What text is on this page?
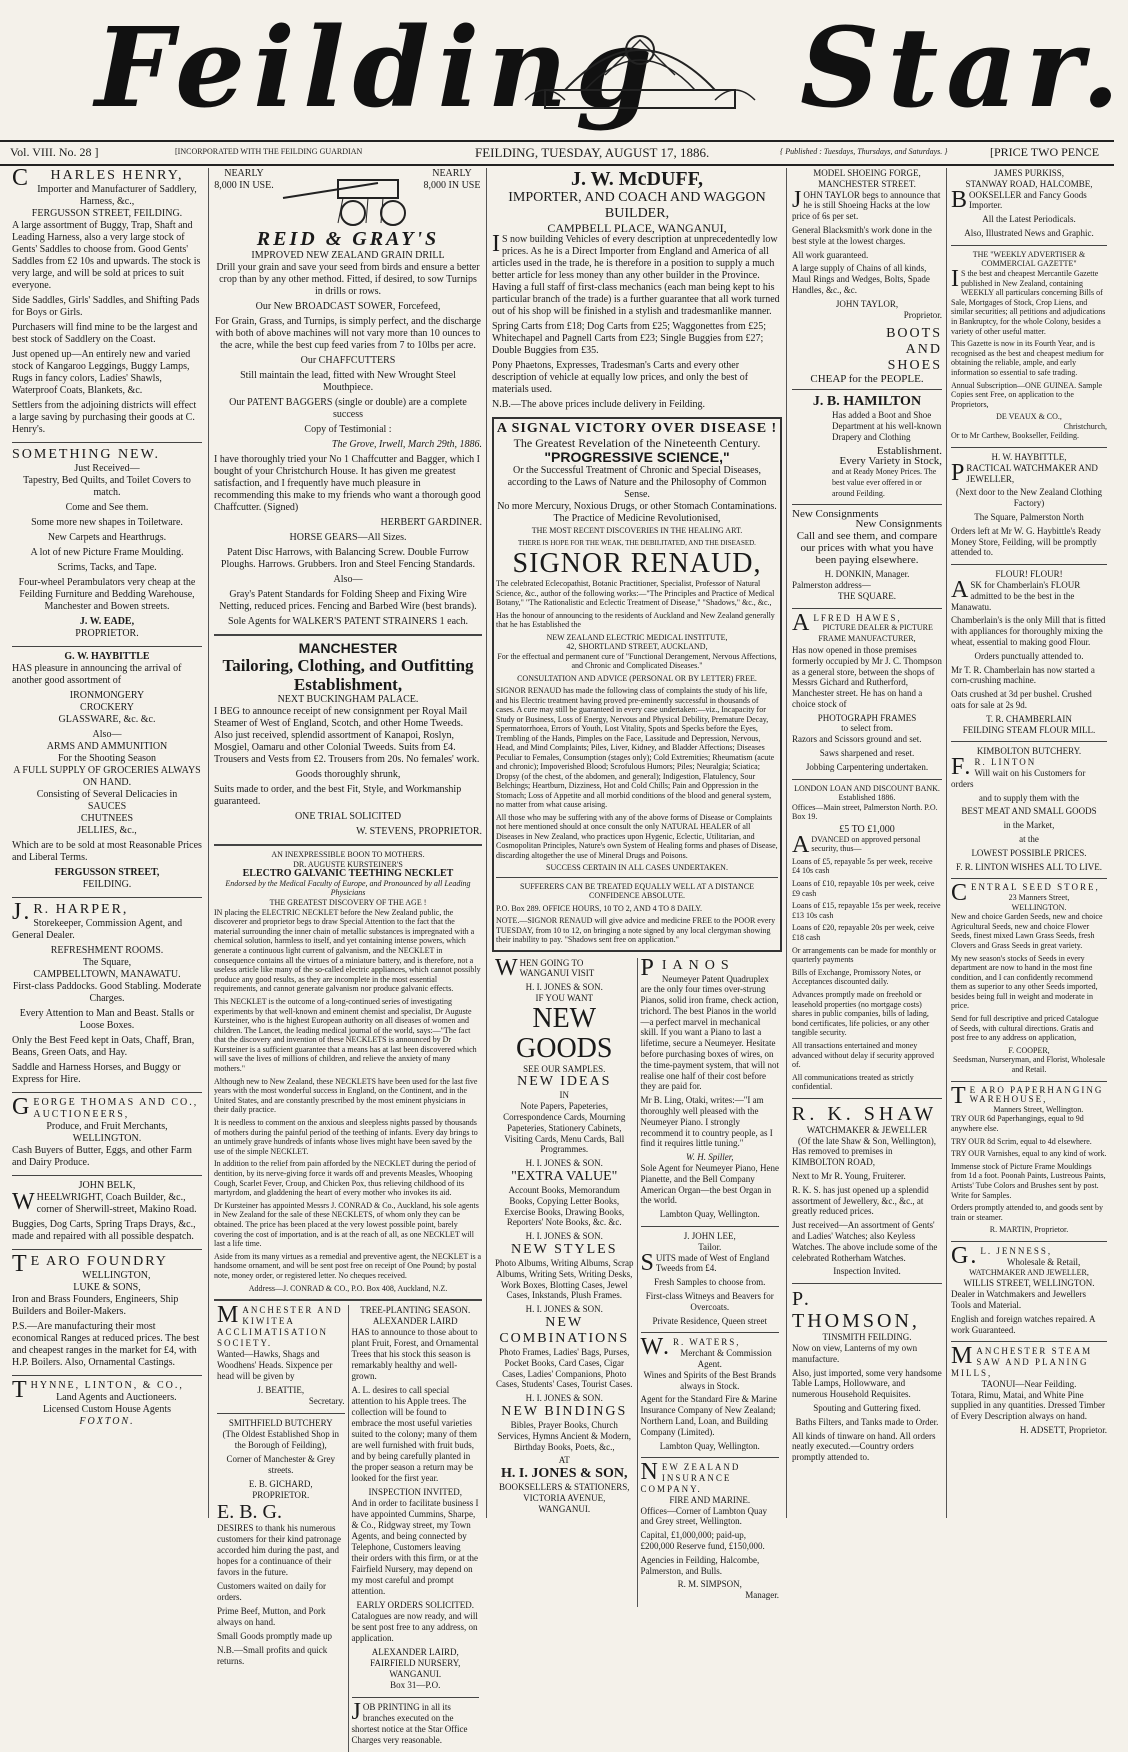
Feilding Star.
Vol. VIII. No. 28 ]	[INCORPORATED WITH THE FEILDING GUARDIAN	FEILDING, TUESDAY, AUGUST 17, 1886.	{ Published : Tuesdays, Thursdays, and Saturdays. }	[PRICE TWO PENCE
CHARLES HENRY,
Importer and Manufacturer of Saddlery, Harness, &c.,
FERGUSSON STREET, FEILDING.

A large assortment of Buggy, Trap, Shaft and Leading Harness, also a very large stock of Gents' Saddles to choose from. Good Gents' Saddles from £2 10s and upwards. The stock is very large, and will be sold at prices to suit everyone.

Side Saddles, Girls' Saddles, and Shifting Pads for Boys or Girls.

Purchasers will find mine to be the largest and best stock of Saddlery on the Coast.

Just opened up—An entirely new and varied stock of Kangaroo Leggings, Buggy Lamps, Rugs in fancy colors, Ladies' Shawls, Waterproof Coats, Blankets, &c.

Settlers from the adjoining districts will effect a large saving by purchasing their goods at C. Henry's.

SOMETHING NEW.
Just Received—

Tapestry, Bed Quilts, and Toilet Covers to match.

Come and See them.

Some more new shapes in Toiletware.

New Carpets and Hearthrugs.

A lot of new Picture Frame Moulding.

Scrims, Tacks, and Tape.

Four-wheel Perambulators very cheap at the Feilding Furniture and Bedding Warehouse, Manchester and Bowen streets.

J. W. EADE,
PROPRIETOR.
G. W. HAYBITTLE

HAS pleasure in announcing the arrival of another good assortment of

IRONMONGERY
CROCKERY
GLASSWARE, &c. &c.

Also—
ARMS AND AMMUNITION
For the Shooting Season
A FULL SUPPLY OF GROCERIES ALWAYS ON HAND.
Consisting of Several Delicacies in

SAUCES
CHUTNEES
JELLIES, &c.,

Which are to be sold at most Reasonable Prices and Liberal Terms.

FERGUSSON STREET,
FEILDING.
J.R. HARPER,

Storekeeper, Commission Agent, and General Dealer.

REFRESHMENT ROOMS.
The Square,
CAMPBELLTOWN, MANAWATU.

First-class Paddocks. Good Stabling. Moderate Charges.

Every Attention to Man and Beast. Stalls or Loose Boxes.

Only the Best Feed kept in Oats, Chaff, Bran, Beans, Green Oats, and Hay.

Saddle and Harness Horses, and Buggy or Express for Hire.

GEORGE THOMAS AND CO., AUCTIONEERS,
Produce, and Fruit Merchants,
WELLINGTON.

Cash Buyers of Butter, Eggs, and other Farm and Dairy Produce.

JOHN BELK,

WHEELWRIGHT, Coach Builder, &c., corner of Sherwill-street, Makino Road.

Buggies, Dog Carts, Spring Traps Drays, &c., made and repaired with all possible despatch.

TE ARO FOUNDRY
WELLINGTON,
LUKE & SONS,

Iron and Brass Founders, Engineers, Ship Builders and Boiler-Makers.

P.S.—Are manufacturing their most economical Ranges at reduced prices. The best and cheapest ranges in the market for £4, with H.P. Boilers. Also, Ornamental Castings.

THYNNE, LINTON, & CO.,
Land Agents and Auctioneers.
Licensed Custom House Agents
FOXTON.
NEARLY 8,000 IN USE.
NEARLY 8,000 IN USE
REID & GRAY'S
IMPROVED NEW ZEALAND GRAIN DRILL

Drill your grain and save your seed from birds and ensure a better crop than by any other method. Fitted, if desired, to sow Turnips in drills or rows.

Our New BROADCAST SOWER, Forcefeed,

For Grain, Grass, and Turnips, is simply perfect, and the discharge with both of above machines will not vary more than 10 ounces to the acre, while the best cup feed varies from 7 to 10lbs per acre.

Our CHAFFCUTTERS

Still maintain the lead, fitted with New Wrought Steel Mouthpiece.

Our PATENT BAGGERS (single or double) are a complete success

Copy of Testimonial :

The Grove, Irwell, March 29th, 1886.

I have thoroughly tried your No 1 Chaffcutter and Bagger, which I bought of your Christchurch House. It has given me greatest satisfaction, and I frequently have much pleasure in recommending this make to my friends who want a thorough good Chaffcutter. (Signed)

HERBERT GARDINER.

HORSE GEARS—All Sizes.

Patent Disc Harrows, with Balancing Screw. Double Furrow Ploughs. Harrows. Grubbers. Iron and Steel Fencing Standards.

Also—

Gray's Patent Standards for Folding Sheep and Fixing Wire Netting, reduced prices. Fencing and Barbed Wire (best brands).

Sole Agents for WALKER'S PATENT STRAINERS 1 each.

MANCHESTER
Tailoring, Clothing, and Outfitting Establishment,
NEXT BUCKINGHAM PALACE.

I BEG to announce receipt of new consignment per Royal Mail Steamer of West of England, Scotch, and other Home Tweeds. Also just received, splendid assortment of Kanapoi, Roslyn, Mosgiel, Oamaru and other Colonial Tweeds. Suits from £4. Trousers and Vests from £2. Trousers from 20s. No females' work.

Goods thoroughly shrunk,

Suits made to order, and the best Fit, Style, and Workmanship guaranteed.

ONE TRIAL SOLICITED

W. STEVENS, PROPRIETOR.

AN INEXPRESSIBLE BOON TO MOTHERS.
DR. AUGUSTE KURSTEINER'S
ELECTRO GALVANIC TEETHING NECKLET
Endorsed by the Medical Faculty of Europe, and Pronounced by all Leading Physicians
THE GREATEST DISCOVERY OF THE AGE !

IN placing the ELECTRIC NECKLET before the New Zealand public, the discoverer and proprietor begs to draw Special Attention to the fact that the material surrounding the inner chain of metallic substances is impregnated with a chemical solution, harmless to itself, and yet containing intense powers, which generate a continuous light current of galvanism, and the NECKLET in consequence contains all the virtues of a miniature battery, and is therefore, not a useless article like many of the so-called electric appliances, which cannot possibly produce any good results, as they are incomplete in the most essential requirements, and cannot generate galvanism nor produce galvanic effects.

This NECKLET is the outcome of a long-continued series of investigating experiments by that well-known and eminent chemist and specialist, Dr Auguste Kursteiner, who is the highest European authority on all diseases of women and children. The Lancet, the leading medical journal of the world, says:—"The fact that the discovery and invention of these NECKLETS is announced by Dr Kursteiner is a sufficient guarantee that a means has at last been discovered which will save the lives of millions of children, and relieve the anxiety of many mothers."

Although new to New Zealand, these NECKLETS have been used for the last five years with the most wonderful success in England, on the Continent, and in the United States, and are constantly prescribed by the most eminent physicians in their daily practice.

It is needless to comment on the anxious and sleepless nights passed by thousands of mothers during the painful period of the teething of infants. Every day brings to an untimely grave hundreds of infants whose lives might have been saved by the use of the simple NECKLET.

In addition to the relief from pain afforded by the NECKLET during the period of dentition, by its nerve-giving force it wards off and prevents Measles, Whooping Cough, Scarlet Fever, Croup, and Chicken Pox, thus relieving childhood of its martyrdom, and gladdening the heart of every mother who invokes its aid.

Dr Kursteiner has appointed Messrs J. CONRAD & Co., Auckland, his sole agents in New Zealand for the sale of these NECKLETS, of whom only they can be obtained. The price has been placed at the very lowest possible point, barely covering the cost of importation, and is at the reach of all, as one NECKLET will last a life time.

Aside from its many virtues as a remedial and preventive agent, the NECKLET is a handsome ornament, and will be sent post free on receipt of One Pound; by postal note, money order, or registered letter. No cheques received.

Address—J. CONRAD & CO., P.O. Box 408, Auckland, N.Z.

MANCHESTER AND KIWITEA ACCLIMATISATION SOCIETY.

Wanted—Hawks, Shags and Woodhens' Heads. Sixpence per head will be given by

J. BEATTIE,
Secretary.
SMITHFIELD BUTCHERY

(The Oldest Established Shop in the Borough of Feilding),

Corner of Manchester & Grey streets.

E. B. GICHARD,
PROPRIETOR.
E. B. G.

DESIRES to thank his numerous customers for their kind patronage accorded him during the past, and hopes for a continuance of their favors in the future.

Customers waited on daily for orders.

Prime Beef, Mutton, and Pork always on hand.

Small Goods promptly made up

N.B.—Small profits and quick returns.

TREE-PLANTING SEASON.
ALEXANDER LAIRD

HAS to announce to those about to plant Fruit, Forest, and Ornamental Trees that his stock this season is remarkably healthy and well-grown.

A. L. desires to call special attention to his Apple trees. The collection will be found to embrace the most useful varieties suited to the colony; many of them are well furnished with fruit buds, and by being carefully planted in the proper season a return may be looked for the first year.

INSPECTION INVITED,

And in order to facilitate business I have appointed Cummins, Sharpe, & Co., Ridgway street, my Town Agents, and being connected by Telephone, Customers leaving their orders with this firm, or at the Fairfield Nursery, may depend on my most careful and prompt attention.

EARLY ORDERS SOLICITED.

Catalogues are now ready, and will be sent post free to any address, on application.

ALEXANDER LAIRD,
FAIRFIELD NURSERY,
WANGANUI.
Box 31—P.O.

JOB PRINTING in all its branches executed on the shortest notice at the Star Office Charges very reasonable.

J. W. McDUFF,
IMPORTER, AND COACH AND WAGGON BUILDER,
CAMPBELL PLACE, WANGANUI,

IS now building Vehicles of every description at unprecedentedly low prices. As he is a Direct Importer from England and America of all articles used in the trade, he is therefore in a position to supply a much better article for less money than any other builder in the Province. Having a full staff of first-class mechanics (each man being kept to his particular branch of the trade) is a further guarantee that all work turned out of his shop will be finished in a stylish and tradesmanlike manner.

Spring Carts from £18; Dog Carts from £25; Waggonettes from £25; Whitechapel and Pagnell Carts from £23; Single Buggies from £27; Double Buggies from £35.

Pony Phaetons, Expresses, Tradesman's Carts and every other description of vehicle at equally low prices, and only the best of materials used.

N.B.—The above prices include delivery in Feilding.

A SIGNAL VICTORY OVER DISEASE !
The Greatest Revelation of the Nineteenth Century.
"PROGRESSIVE SCIENCE,"
Or the Successful Treatment of Chronic and Special Diseases, according to the Laws of Nature and the Philosophy of Common Sense.
No more Mercury, Noxious Drugs, or other Stomach Contaminations. The Practice of Medicine Revolutionised,
THE MOST RECENT DISCOVERIES IN THE HEALING ART.
THERE IS HOPE FOR THE WEAK, THE DEBILITATED, AND THE DISEASED.
SIGNOR RENAUD,

The celebrated Eclecopathist, Botanic Practitioner, Specialist, Professor of Natural Science, &c., author of the following works:—"The Principles and Practice of Medical Botany," "The Rationalistic and Eclectic Treatment of Disease," "Shadows," &c., &c.,

Has the honour of announcing to the residents of Auckland and New Zealand generally that he has Established the

NEW ZEALAND ELECTRIC MEDICAL INSTITUTE,
42, SHORTLAND STREET, AUCKLAND,

For the effectual and permanent cure of "Functional Derangement, Nervous Affections, and Chronic and Complicated Diseases."

CONSULTATION AND ADVICE (PERSONAL OR BY LETTER) FREE.

SIGNOR RENAUD has made the following class of complaints the study of his life, and his Electric treatment having proved pre-eminently successful in thousands of cases. A cure may still be guaranteed in every case undertaken:—viz., Incapacity for Study or Business, Loss of Energy, Nervous and Physical Debility, Premature Decay, Spermatorrhoea, Errors of Youth, Lost Vitality, Spots and Specks before the Eyes, Trembling of the Hands, Pimples on the Face, Lassitude and Depression, Nervous, Head, and Mind Complaints; Piles, Liver, Kidney, and Bladder Affections; Diseases Peculiar to Females, Consumption (stages only); Cold Extremities; Rheumatism (acute and chronic); Impoverished Blood; Scrofulous Humors; Piles; Neuralgia; Sciatica; Dropsy (of the chest, of the abdomen, and general); Indigestion, Flatulency, Sour Belchings; Heartburn, Dizziness, Hot and Cold Chills; Pain and Oppression in the Stomach; Loss of Appetite and all morbid conditions of the blood and general system, no matter from what cause arising.

All those who may be suffering with any of the above forms of Disease or Complaints not here mentioned should at once consult the only NATURAL HEALER of all Diseases in New Zealand, who practices upon Hygenic, Eclectic, Utilitarian, and Cosmopolitan Principles, Nature's own System of Healing forms and phases of Disease, discarding altogether the use of Mineral Drugs and Poisons.

SUCCESS CERTAIN IN ALL CASES UNDERTAKEN.

SUFFERERS CAN BE TREATED EQUALLY WELL AT A DISTANCE CONFIDENCE ABSOLUTE.

P.O. Box 289. OFFICE HOURS, 10 TO 2, AND 4 TO 8 DAILY.

NOTE.—SIGNOR RENAUD will give advice and medicine FREE to the POOR every TUESDAY, from 10 to 12, on bringing a note signed by any local clergyman showing their inability to pay. "Shadows sent free on application."

WHEN GOING TO WANGANUI VISIT

H. I. JONES & SON.
IF YOU WANT
NEW GOODS
SEE OUR SAMPLES.
NEW IDEAS
IN

Note Papers, Papeteries, Correspondence Cards, Mourning Papeteries, Stationery Cabinets, Visiting Cards, Menu Cards, Ball Programmes.

H. I. JONES & SON.
"EXTRA VALUE"

Account Books, Memorandum Books, Copying Letter Books, Exercise Books, Drawing Books, Reporters' Note Books, &c. &c.

H. I. JONES & SON.
NEW STYLES

Photo Albums, Writing Albums, Scrap Albums, Writing Sets, Writing Desks, Work Boxes, Blotting Cases, Jewel Cases, Inkstands, Plush Frames.

H. I. JONES & SON.
NEW COMBINATIONS

Photo Frames, Ladies' Bags, Purses, Pocket Books, Card Cases, Cigar Cases, Ladies' Companions, Photo Cases, Students' Cases, Tourist Cases.

H. I. JONES & SON.
NEW BINDINGS

Bibles, Prayer Books, Church Services, Hymns Ancient & Modern, Birthday Books, Poets, &c.,

AT
H. I. JONES & SON,
BOOKSELLERS & STATIONERS,
VICTORIA AVENUE,
WANGANUI.
PIANOS

Neumeyer Patent Quadruplex are the only four times over-strung Pianos, solid iron frame, check action, trichord. The best Pianos in the world—a perfect marvel in mechanical skill. If you want a Piano to last a lifetime, secure a Neumeyer. Hesitate before purchasing boxes of wires, on the time-payment system, that will not realise one half of their cost before they are paid for.

Mr B. Ling, Otaki, writes:—"I am thoroughly well pleased with the Neumeyer Piano. I strongly recommend it to country people, as I find it requires little tuning."

W. H. Spiller,

Sole Agent for Neumeyer Piano, Hene Pianette, and the Bell Company American Organ—the best Organ in the world.

Lambton Quay, Wellington.
J. JOHN LEE,
Tailor.

SUITS made of West of England Tweeds from £4.

Fresh Samples to choose from.

First-class Witneys and Beavers for Overcoats.

Private Residence, Queen street

W.R. WATERS,
Merchant & Commission Agent.

Wines and Spirits of the Best Brands always in Stock.

Agent for the Standard Fire & Marine Insurance Company of New Zealand; Northern Land, Loan, and Building Company (Limited).

Lambton Quay, Wellington.
NEW ZEALAND INSURANCE COMPANY.
FIRE AND MARINE.

Offices—Corner of Lambton Quay and Grey street, Wellington.

Capital, £1,000,000; paid-up, £200,000 Reserve fund, £150,000.

Agencies in Feilding, Halcombe, Palmerston, and Bulls.

R. M. SIMPSON,
Manager.
MODEL SHOEING FORGE,
MANCHESTER STREET.

JOHN TAYLOR begs to announce that he is still Shoeing Hacks at the low price of 6s per set.

General Blacksmith's work done in the best style at the lowest charges.

All work guaranteed.

A large supply of Chains of all kinds, Maul Rings and Wedges, Bolts, Spade Handles, &c., &c.

JOHN TAYLOR,
Proprietor.
BOOTS
AND
SHOES
CHEAP for the PEOPLE.
J. B. HAMILTON

Has added a Boot and Shoe Department at his well-known Drapery and Clothing

Establishment.
Every Variety in Stock,

and at Ready Money Prices. The best value ever offered in or around Feilding.

New Consignments
New Consignments

Call and see them, and compare our prices with what you have been paying elsewhere.

H. DONKIN, Manager.
Palmerston address—
THE SQUARE.
ALFRED HAWES,
PICTURE DEALER & PICTURE FRAME MANUFACTURER,

Has now opened in those premises formerly occupied by Mr J. C. Thompson as a general store, between the shops of Messrs Gichard and Rutherford, Manchester street. He has on hand a choice stock of

PHOTOGRAPH FRAMES
to select from.

Razors and Scissors ground and set.

Saws sharpened and reset.

Jobbing Carpentering undertaken.

LONDON LOAN AND DISCOUNT BANK.
Established 1886.

Offices—Main street, Palmerston North. P.O. Box 19.

£5 TO £1,000

ADVANCED on approved personal security, thus—

Loans of £5, repayable 5s per week, receive £4 10s cash

Loans of £10, repayable 10s per week, ceive £9 cash

Loans of £15, repayable 15s per week, receive £13 10s cash

Loans of £20, repayable 20s per week, ceive £18 cash

Or arrangements can be made for monthly or quarterly payments

Bills of Exchange, Promissory Notes, or Acceptances discounted daily.

Advances promptly made on freehold or leasehold properties (no mortgage costs) shares in public companies, bills of lading, bond certificates, life policies, or any other tangible security.

All transactions entertained and money advanced without delay if security approved of.

All communications treated as strictly confidential.

R. K. SHAW
WATCHMAKER & JEWELLER
(Of the late Shaw & Son, Wellington),

Has removed to premises in KIMBOLTON ROAD,

Next to Mr R. Young, Fruiterer.

R. K. S. has just opened up a splendid assortment of Jewellery, &c., &c., at greatly reduced prices.

Just received—An assortment of Gents' and Ladies' Watches; also Keyless Watches. The above include some of the celebrated Rotherham Watches.

Inspection Invited.
P. THOMSON,
TINSMITH FEILDING.

Now on view, Lanterns of my own manufacture.

Also, just imported, some very handsome Table Lamps, Hollowware, and numerous Household Requisites.

Spouting and Guttering fixed.

Baths Filters, and Tanks made to Order.

All kinds of tinware on hand. All orders neatly executed.—Country orders promptly attended to.

JAMES PURKISS,
STANWAY ROAD, HALCOMBE,

BOOKSELLER and Fancy Goods Importer.

All the Latest Periodicals.

Also, Illustrated News and Graphic.

THE "WEEKLY ADVERTISER & COMMERCIAL GAZETTE"

IS the best and cheapest Mercantile Gazette published in New Zealand, containing WEEKLY all particulars concerning Bills of Sale, Mortgages of Stock, Crop Liens, and similar securities; all petitions and adjudications in Bankruptcy, for the whole Colony, besides a variety of other useful matter.

This Gazette is now in its Fourth Year, and is recognised as the best and cheapest medium for obtaining the reliable, ample, and early information so essential to safe trading.

Annual Subscription—ONE GUINEA. Sample Copies sent Free, on application to the Proprietors,

DE VEAUX & CO.,
Christchurch,

Or to Mr Carthew, Bookseller, Feilding.

H. W. HAYBITTLE,

PRACTICAL WATCHMAKER AND JEWELLER,

(Next door to the New Zealand Clothing Factory)

The Square, Palmerston North

Orders left at Mr W. G. Haybittle's Ready Money Store, Feilding, will be promptly attended to.

FLOUR! FLOUR!

ASK for Chamberlain's FLOUR admitted to be the best in the Manawatu.

Chamberlain's is the only Mill that is fitted with appliances for thoroughly mixing the wheat, essential to making good Flour.

Orders punctually attended to.

Mr T. R. Chamberlain has now started a corn-crushing machine.

Oats crushed at 3d per bushel. Crushed oats for sale at 2s 9d.

T. R. CHAMBERLAIN
FEILDING STEAM FLOUR MILL.
KIMBOLTON BUTCHERY.
F.R. LINTON

Will wait on his Customers for orders

and to supply them with the

BEST MEAT AND SMALL GOODS

in the Market,

at the

LOWEST POSSIBLE PRICES.

F. R. LINTON WISHES ALL TO LIVE.

CENTRAL SEED STORE,
23 Manners Street,
WELLINGTON.

New and choice Garden Seeds, new and choice Agricultural Seeds, new and choice Flower Seeds, finest mixed Lawn Grass Seeds, fresh Clovers and Grass Seeds in great variety.

My new season's stocks of Seeds in every department are now to hand in the most fine condition, and I can confidently recommend them as superior to any other Seeds imported, besides being full in weight and moderate in price.

Send for full descriptive and priced Catalogue of Seeds, with cultural directions. Gratis and post free to any address on application,

F. COOPER,
Seedsman, Nurseryman, and Florist, Wholesale and Retail.
TE ARO PAPERHANGING WAREHOUSE,
Manners Street, Wellington.

TRY OUR 6d Paperhangings, equal to 9d anywhere else.

TRY OUR 8d Scrim, equal to 4d elsewhere.

TRY OUR Varnishes, equal to any kind of work.

Immense stock of Picture Frame Mouldings from 1d a foot. Poonah Paints, Lustreous Paints, Artists' Tube Colors and Brushes sent by post. Write for Samples.

Orders promptly attended to, and goods sent by train or steamer.

R. MARTIN, Proprietor.
G.L. JENNESS,
Wholesale & Retail,
WATCHMAKER AND JEWELLER,
WILLIS STREET, WELLINGTON.

Dealer in Watchmakers and Jewellers Tools and Material.

English and foreign watches repaired. A work Guaranteed.

MANCHESTER STEAM SAW AND PLANING MILLS,
TAONUI—Near Feilding.

Totara, Rimu, Matai, and White Pine supplied in any quantities. Dressed Timber of Every Description always on hand.

H. ADSETT, Proprietor.
